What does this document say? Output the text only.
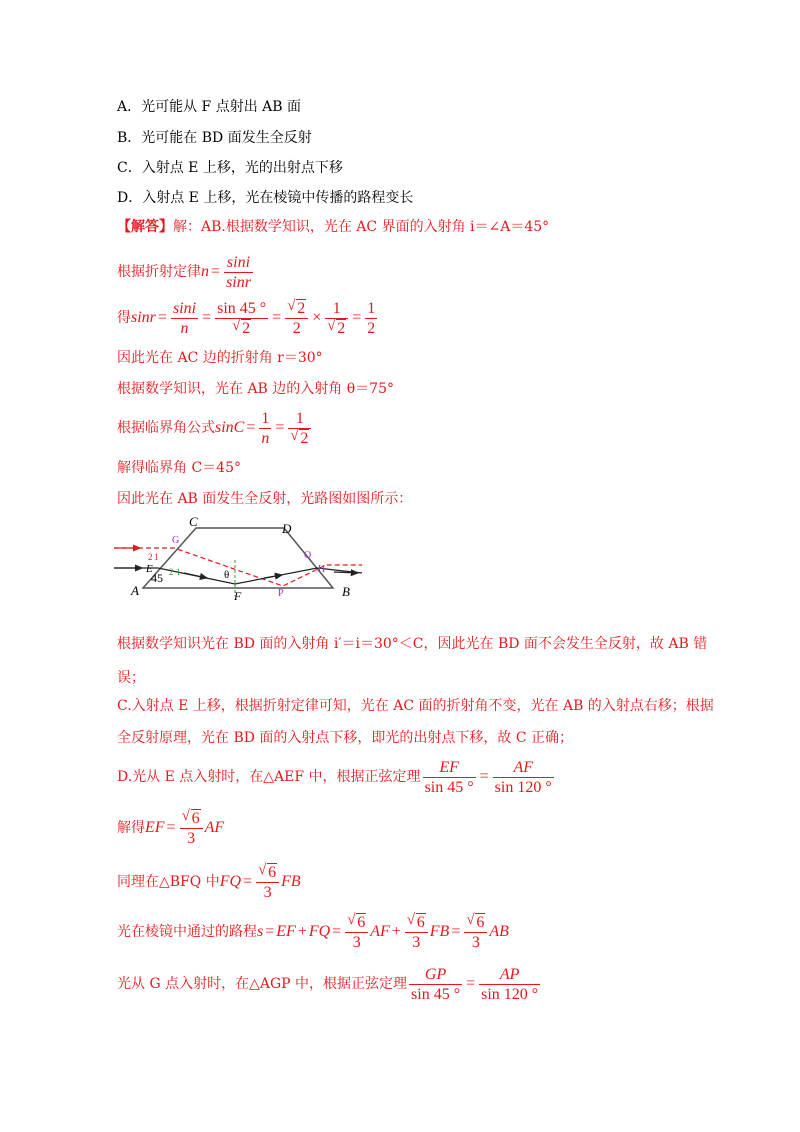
A．光可能从 F 点射出 AB 面
B．光可能在 BD 面发生全反射
C．入射点 E 上移，光的出射点下移
D．入射点 E 上移，光在棱镜中传播的路程变长
【解答】解：AB.根据数学知识，光在 AC 界面的入射角 i＝∠A＝45°
根据折射定律$n = \frac{\sin i}{\sin r}$
得$\sin r = \frac{\sin i}{n} = \sin 45$ °
√ 2 = √ $\frac{2}{2} \times 1$
√ $2 = \frac{1}{2}$
因此光在 AC 边的折射角 r＝30°
根据数学知识，光在 AB 边的入射角 θ＝75°
根据临界角公式$\sin C = \frac{1}{n} = 1$
√ 2
解得临界角 C＝45°
因此光在 AB 面发生全反射，光路图如图所示：
A	B
C	D
E
F
G
H
P
Q
θ
45
2 1
2 1
根据数学知识光在 BD 面的入射角 i′＝i＝30°＜C，因此光在 BD 面不会发生全反射，故 AB 错
误；
C.入射点 E 上移，根据折射定律可知，光在 AC 面的折射角不变，光在 AB 的入射点右移；根据
全反射原理，光在 BD 面的入射点下移，即光的出射点下移，故 C 正确；
D.光从 E 点入射时，在△AEF 中，根据正弦定理 $\frac{EF}{\sin 45 ^\circ} = \frac{AF}{\sin 120 ^\circ}$
解得EF = √ $\frac{6}{3}$ AF
同理在△BFQ 中FQ = √ $\frac{6}{3}$ FB
光在棱镜中通过的路程s = EF + FQ = √ $\frac{6}{3}$ AF + √ $\frac{6}{3}$ FB = √ $\frac{6}{3}$ AB
光从 G 点入射时，在△AGP 中，根据正弦定理 $\frac{GP}{\sin 45 ^\circ} = \frac{AP}{\sin 120 ^\circ}$
